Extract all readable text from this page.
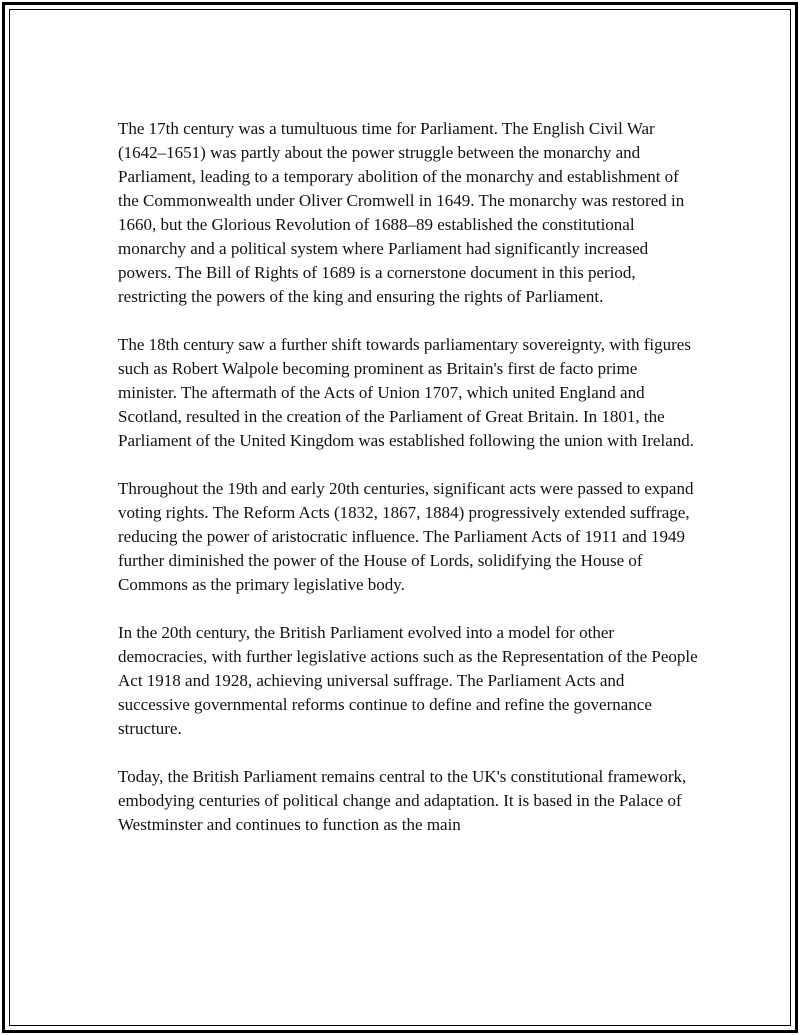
The 17th century was a tumultuous time for Parliament. The English Civil War (1642–1651) was partly about the power struggle between the monarchy and Parliament, leading to a temporary abolition of the monarchy and establishment of the Commonwealth under Oliver Cromwell in 1649. The monarchy was restored in 1660, but the Glorious Revolution of 1688–89 established the constitutional monarchy and a political system where Parliament had significantly increased powers. The Bill of Rights of 1689 is a cornerstone document in this period, restricting the powers of the king and ensuring the rights of Parliament.

The 18th century saw a further shift towards parliamentary sovereignty, with figures such as Robert Walpole becoming prominent as Britain's first de facto prime minister. The aftermath of the Acts of Union 1707, which united England and Scotland, resulted in the creation of the Parliament of Great Britain. In 1801, the Parliament of the United Kingdom was established following the union with Ireland.

Throughout the 19th and early 20th centuries, significant acts were passed to expand voting rights. The Reform Acts (1832, 1867, 1884) progressively extended suffrage, reducing the power of aristocratic influence. The Parliament Acts of 1911 and 1949 further diminished the power of the House of Lords, solidifying the House of Commons as the primary legislative body.

In the 20th century, the British Parliament evolved into a model for other democracies, with further legislative actions such as the Representation of the People Act 1918 and 1928, achieving universal suffrage. The Parliament Acts and successive governmental reforms continue to define and refine the governance structure.

Today, the British Parliament remains central to the UK's constitutional framework, embodying centuries of political change and adaptation. It is based in the Palace of Westminster and continues to function as the main
